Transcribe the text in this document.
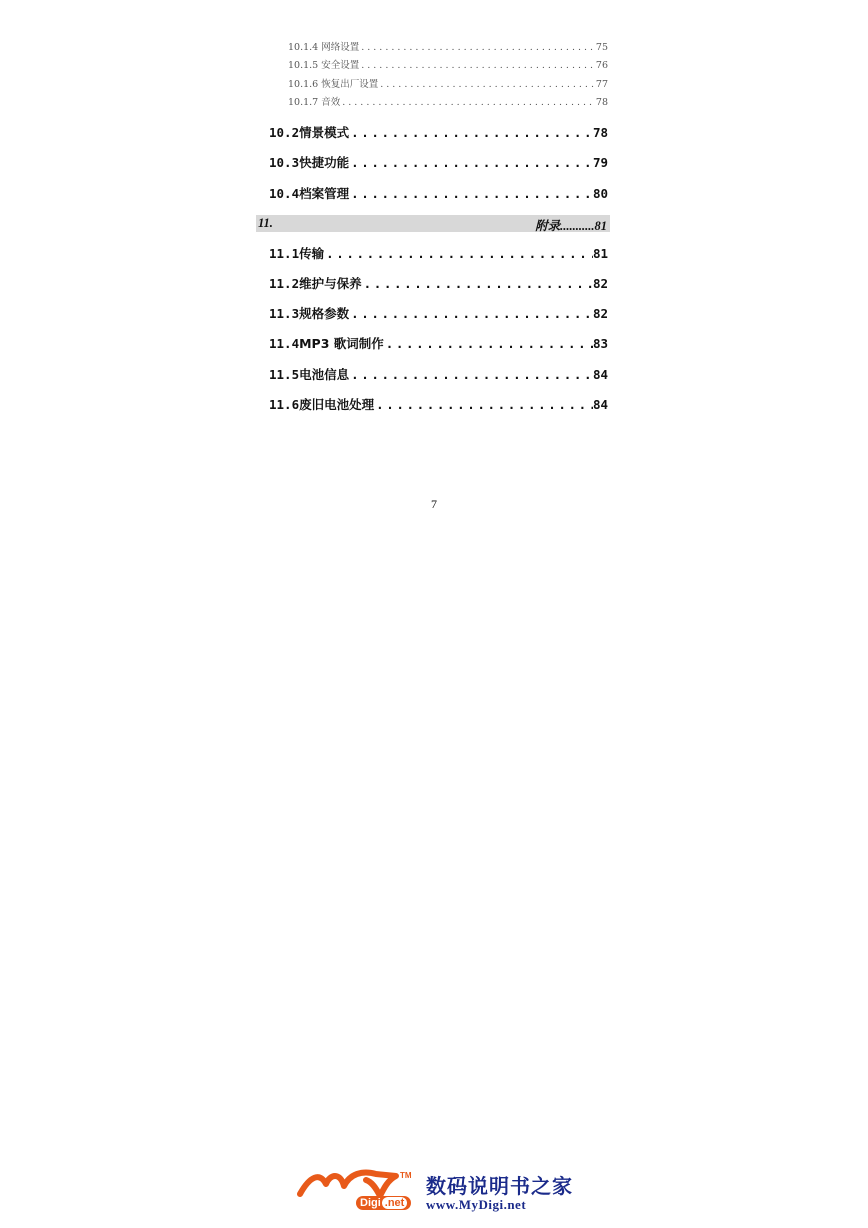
10.1.4 网络设置 .....	75
10.1.5 安全设置 .....	76
10.1.6 恢复出厂设置 .....	77
10.1.7 音效 .....	78
10.2 情景模式 .....	78
10.3 快捷功能 .....	79
10.4 档案管理 .....	80
11.	附录...........81
11.1 传输 .....	81
11.2 维护与保养 .....	82
11.3 规格参数 .....	82
11.4 MP3 歌词制作 .....	83
11.5 电池信息 .....	84
11.6 废旧电池处理 .....	84
7
TM
Digi .net
数码说明书之家
www.MyDigi.net
